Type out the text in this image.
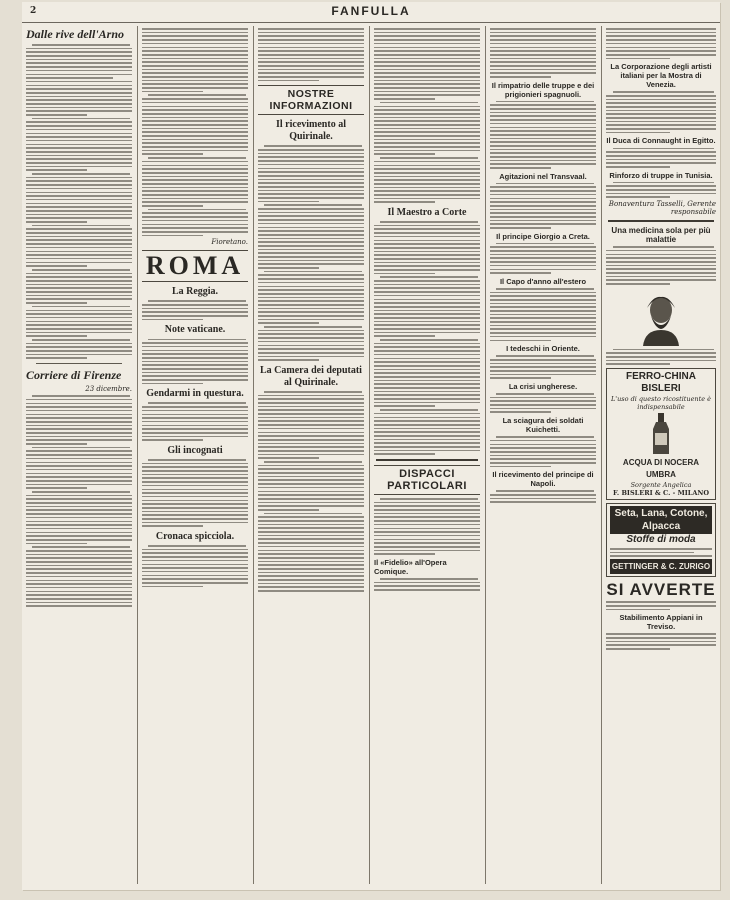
2	FANFULLA
Dalle rive dell'Arno
Corriere di Firenze
23 dicembre.
Fioretano.
ROMA
La Reggia.
Note vaticane.
Gendarmi in questura.
Gli incognati
Cronaca spicciola.
NOSTRE INFORMAZIONI
Il ricevimento al Quirinale.
La Camera dei deputati al Quirinale.
Il Maestro a Corte
DISPACCI PARTICOLARI
Il «Fidelio» all'Opera Comique.
Il rimpatrio delle truppe e dei prigionieri spagnuoli.
Agitazioni nel Transvaal.
Il principe Giorgio a Creta.
Il Capo d'anno all'estero
I tedeschi in Oriente.
La crisi ungherese.
La sciagura dei soldati Kuichetti.
Il ricevimento del principe di Napoli.
La Corporazione degli artisti italiani per la Mostra di Venezia.
Il Duca di Connaught in Egitto.
Rinforzo di truppe in Tunisia.
Bonaventura Tasselli, Gerente responsabile
Una medicina sola per più malattie
FERRO-CHINA BISLERI
L'uso di questo ricostituente è indispensabile
ACQUA DI NOCERA UMBRA
Sorgente Angelica
F. BISLERI & C. - MILANO
Seta, Lana, Cotone, Alpacca
Stoffe di moda
GETTINGER & C. ZURIGO
SI AVVERTE
Stabilimento Appiani in Treviso.
